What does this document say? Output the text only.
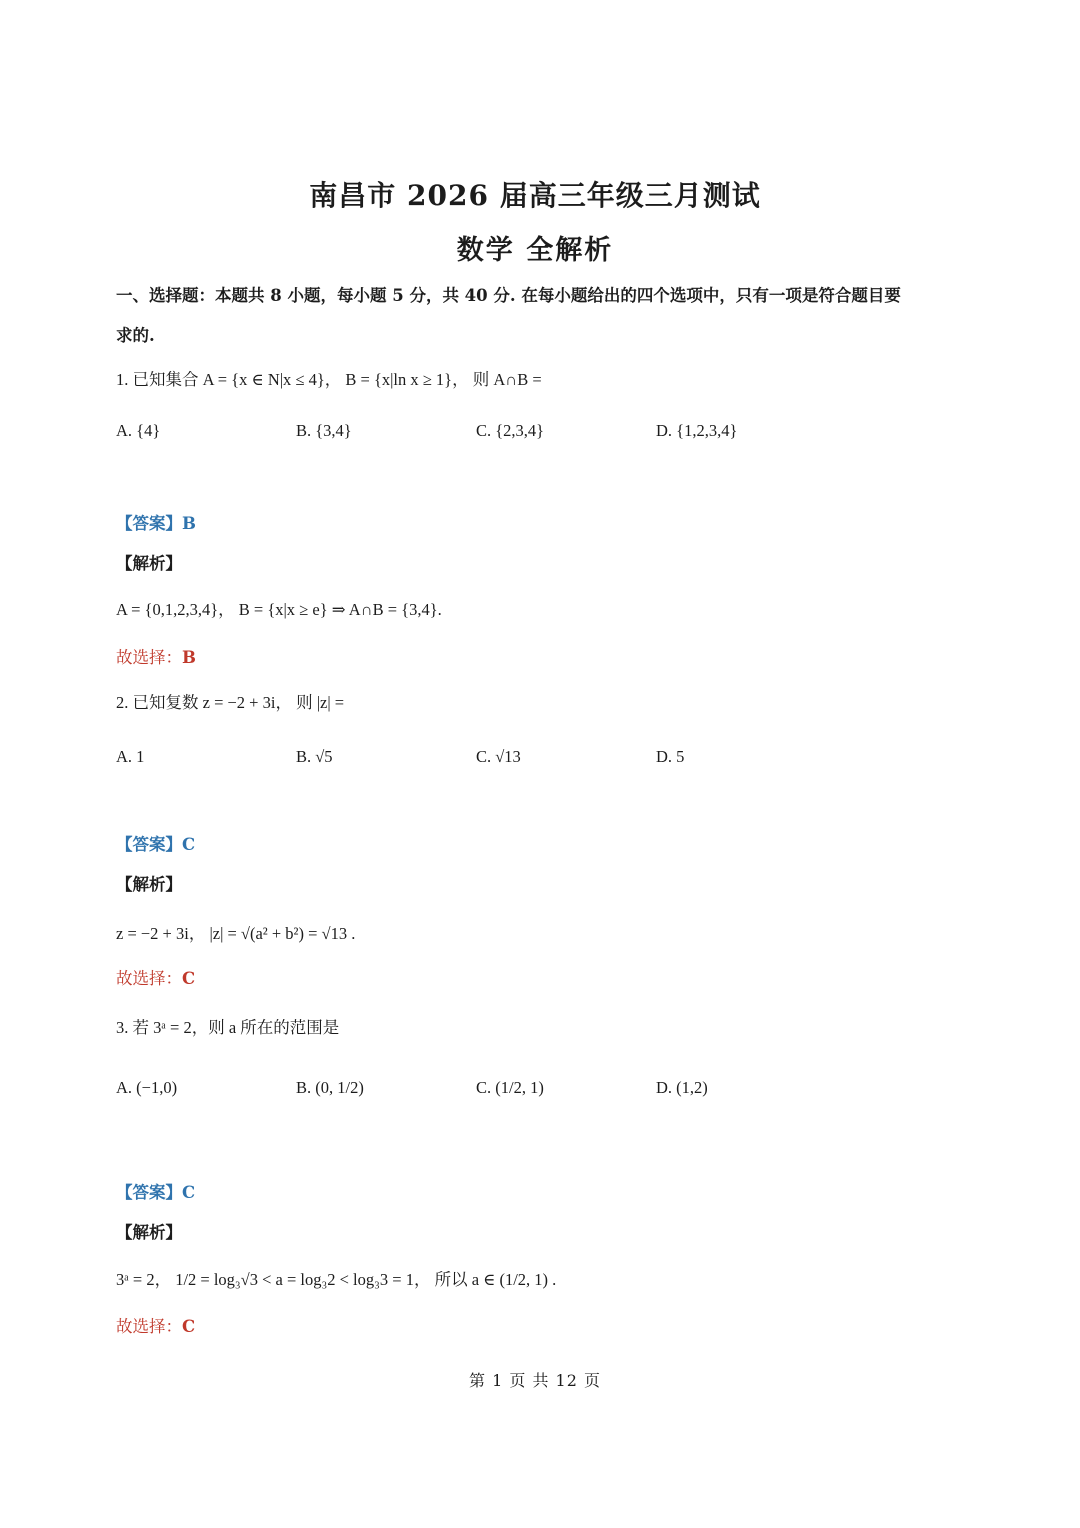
南昌市 2026 届高三年级三月测试
数学 全解析
一、选择题：本题共 8 小题，每小题 5 分，共 40 分. 在每小题给出的四个选项中，只有一项是符合题目要
求的.
1. 已知集合 A = {x ∈ N|x ≤ 4}， B = {x|ln x ≥ 1}， 则 A∩B =
A. {4}	B. {3,4}	C. {2,3,4}	D. {1,2,3,4}
【答案】B
【解析】
A = {0,1,2,3,4}， B = {x|x ≥ e} ⇒ A∩B = {3,4}.
故选择：B
2. 已知复数 z = −2 + 3i， 则 |z| =
A. 1	B. √5	C. √13	D. 5
【答案】C
【解析】
z = −2 + 3i， |z| = √(a² + b²) = √13 .
故选择：C
3. 若 3ᵃ = 2，则 a 所在的范围是
A. (−1,0)	B. (0, 1/2)	C. (1/2, 1)	D. (1,2)
【答案】C
【解析】
3ᵃ = 2， 1/2 = log₃√3 < a = log₃2 < log₃3 = 1， 所以 a ∈ (1/2, 1) .
故选择：C
第 1 页 共 12 页
